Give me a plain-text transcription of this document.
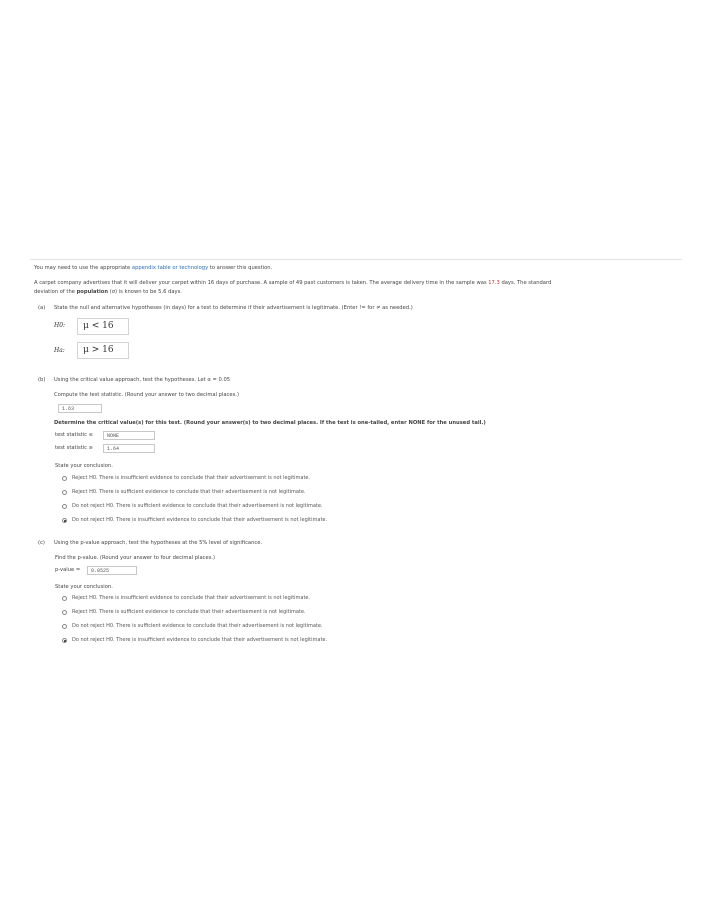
You may need to use the appropriate appendix table or technology to answer this question.
A carpet company advertises that it will deliver your carpet within 16 days of purchase. A sample of 49 past customers is taken. The average delivery time in the sample was 17.3 days. The standard
deviation of the population (σ) is known to be 5.6 days.
(a) State the null and alternative hypotheses (in days) for a test to determine if their advertisement is legitimate. (Enter != for ≠ as needed.)
H0:	μ < 16
Ha:	μ > 16
(b) Using the critical value approach, test the hypotheses. Let α = 0.05
Compute the test statistic. (Round your answer to two decimal places.)
1.63
Determine the critical value(s) for this test. (Round your answer(s) to two decimal places. If the test is one-tailed, enter NONE for the unused tail.)
test statistic ≤	NONE
test statistic ≥	1.64
State your conclusion.
Reject H0. There is insufficient evidence to conclude that their advertisement is not legitimate.
Reject H0. There is sufficient evidence to conclude that their advertisement is not legitimate.
Do not reject H0. There is sufficient evidence to conclude that their advertisement is not legitimate.
Do not reject H0. There is insufficient evidence to conclude that their advertisement is not legitimate.
(c) Using the p-value approach, test the hypotheses at the 5% level of significance.
Find the p-value. (Round your answer to four decimal places.)
p-value =	0.0525
State your conclusion.
Reject H0. There is insufficient evidence to conclude that their advertisement is not legitimate.
Reject H0. There is sufficient evidence to conclude that their advertisement is not legitimate.
Do not reject H0. There is sufficient evidence to conclude that their advertisement is not legitimate.
Do not reject H0. There is insufficient evidence to conclude that their advertisement is not legitimate.
